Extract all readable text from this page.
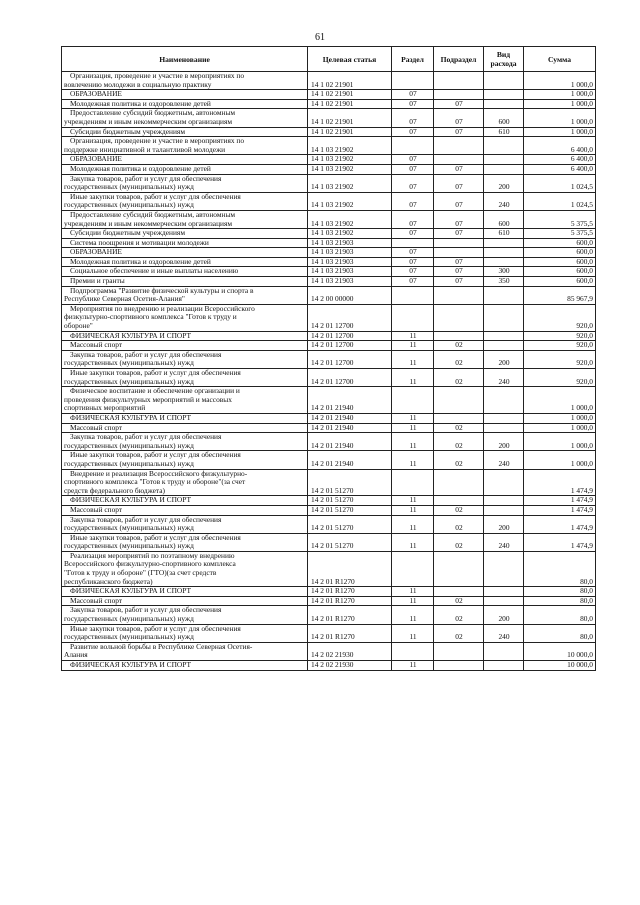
61
Наименование	Целевая статья	Раздел	Подраздел	Вид расхода	Сумма

Организация, проведение и участие в мероприятиях по
вовлечению молодежи в социальную практику	14 1 02 21901				1 000,0

ОБРАЗОВАНИЕ	14 1 02 21901	07			1 000,0

Молодежная политика и оздоровление детей	14 1 02 21901	07	07		1 000,0

Предоставление субсидий бюджетным, автономным
учреждениям и иным некоммерческим организациям	14 1 02 21901	07	07	600	1 000,0

Субсидии бюджетным учреждениям	14 1 02 21901	07	07	610	1 000,0

Организация, проведение и участие в мероприятиях по
поддержке инициативной и талантливой молодежи	14 1 03 21902				6 400,0

ОБРАЗОВАНИЕ	14 1 03 21902	07			6 400,0

Молодежная политика и оздоровление детей	14 1 03 21902	07	07		6 400,0

Закупка товаров, работ и услуг для обеспечения
государственных (муниципальных) нужд	14 1 03 21902	07	07	200	1 024,5

Иные закупки товаров, работ и услуг для обеспечения
государственных (муниципальных) нужд	14 1 03 21902	07	07	240	1 024,5

Предоставление субсидий бюджетным, автономным
учреждениям и иным некоммерческим организациям	14 1 03 21902	07	07	600	5 375,5

Субсидии бюджетным учреждениям	14 1 03 21902	07	07	610	5 375,5

Система поощрения и мотивации молодежи	14 1 03 21903				600,0

ОБРАЗОВАНИЕ	14 1 03 21903	07			600,0

Молодежная политика и оздоровление детей	14 1 03 21903	07	07		600,0

Социальное обеспечение и иные выплаты населению	14 1 03 21903	07	07	300	600,0

Премии и гранты	14 1 03 21903	07	07	350	600,0

Подпрограмма "Развитие физической культуры и спорта в
Республике Северная Осетия-Алания"	14 2 00 00000				85 967,9

Мероприятия по внедрению и реализации Всероссийского
физкультурно-спортивного комплекса "Готов к труду и
обороне"	14 2 01 12700				920,0

ФИЗИЧЕСКАЯ КУЛЬТУРА И СПОРТ	14 2 01 12700	11			920,0

Массовый спорт	14 2 01 12700	11	02		920,0

Закупка товаров, работ и услуг для обеспечения
государственных (муниципальных) нужд	14 2 01 12700	11	02	200	920,0

Иные закупки товаров, работ и услуг для обеспечения
государственных (муниципальных) нужд	14 2 01 12700	11	02	240	920,0

Физическое воспитание и обеспечение организации и
проведения физкультурных мероприятий и массовых
спортивных мероприятий	14 2 01 21940				1 000,0

ФИЗИЧЕСКАЯ КУЛЬТУРА И СПОРТ	14 2 01 21940	11			1 000,0

Массовый спорт	14 2 01 21940	11	02		1 000,0

Закупка товаров, работ и услуг для обеспечения
государственных (муниципальных) нужд	14 2 01 21940	11	02	200	1 000,0

Иные закупки товаров, работ и услуг для обеспечения
государственных (муниципальных) нужд	14 2 01 21940	11	02	240	1 000,0

Внедрение и реализация Всероссийского физкультурно-
спортивного комплекса "Готов к труду и обороне"(за счет
средств федерального бюджета)	14 2 01 51270				1 474,9

ФИЗИЧЕСКАЯ КУЛЬТУРА И СПОРТ	14 2 01 51270	11			1 474,9

Массовый спорт	14 2 01 51270	11	02		1 474,9

Закупка товаров, работ и услуг для обеспечения
государственных (муниципальных) нужд	14 2 01 51270	11	02	200	1 474,9

Иные закупки товаров, работ и услуг для обеспечения
государственных (муниципальных) нужд	14 2 01 51270	11	02	240	1 474,9

Реализация мероприятий по поэтапному внедрению
Всероссийского физкультурно-спортивного комплекса
"Готов к труду и обороне" (ГТО)(за счет средств
республиканского бюджета)	14 2 01 R1270				80,0

ФИЗИЧЕСКАЯ КУЛЬТУРА И СПОРТ	14 2 01 R1270	11			80,0

Массовый спорт	14 2 01 R1270	11	02		80,0

Закупка товаров, работ и услуг для обеспечения
государственных (муниципальных) нужд	14 2 01 R1270	11	02	200	80,0

Иные закупки товаров, работ и услуг для обеспечения
государственных (муниципальных) нужд	14 2 01 R1270	11	02	240	80,0

Развитие вольной борьбы в Республике Северная Осетия-
Алания	14 2 02 21930				10 000,0

ФИЗИЧЕСКАЯ КУЛЬТУРА И СПОРТ	14 2 02 21930	11			10 000,0
